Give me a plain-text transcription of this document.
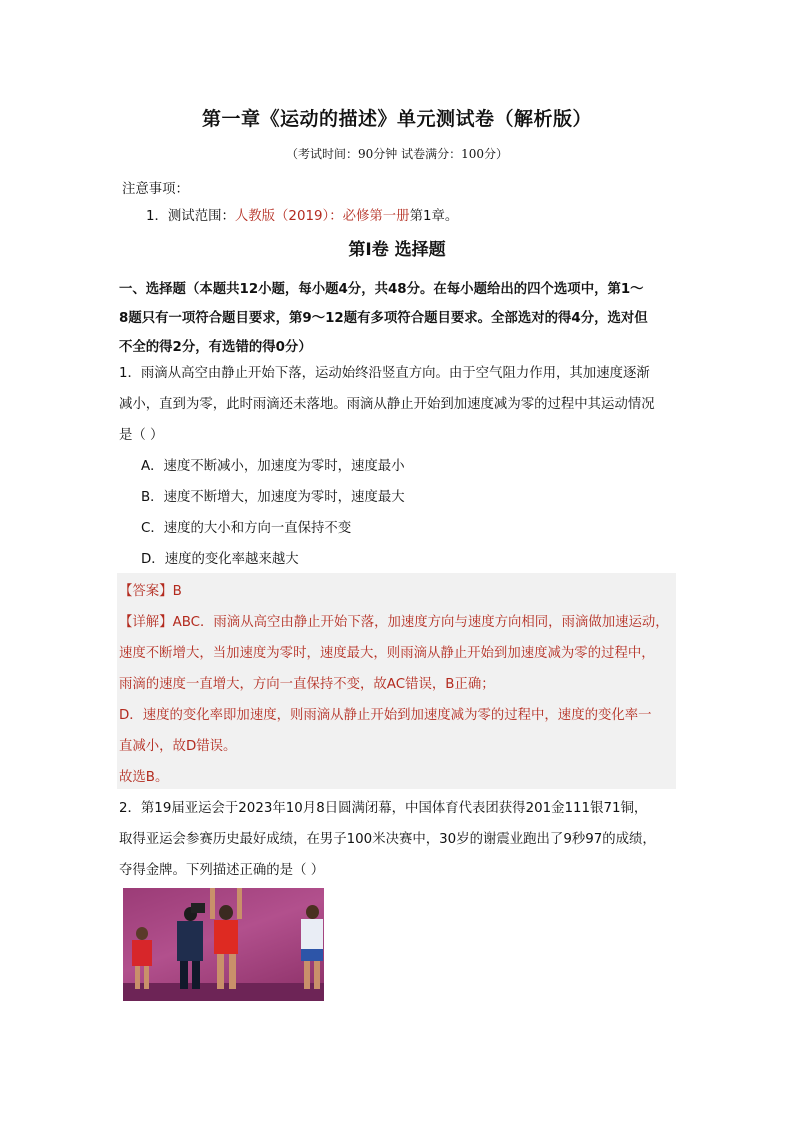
第一章《运动的描述》单元测试卷（解析版）
（考试时间：90分钟 试卷满分：100分）
注意事项：
1．测试范围：人教版（2019）：必修第一册第1章。
第Ⅰ卷 选择题
一、选择题（本题共12小题，每小题4分，共48分。在每小题给出的四个选项中，第1～
8题只有一项符合题目要求，第9～12题有多项符合题目要求。全部选对的得4分，选对但
不全的得2分，有选错的得0分）
1．雨滴从高空由静止开始下落，运动始终沿竖直方向。由于空气阻力作用，其加速度逐渐
减小，直到为零，此时雨滴还未落地。雨滴从静止开始到加速度减为零的过程中其运动情况
是（ ）
A．速度不断减小，加速度为零时，速度最小
B．速度不断增大，加速度为零时，速度最大
C．速度的大小和方向一直保持不变
D．速度的变化率越来越大
【答案】B
【详解】ABC．雨滴从高空由静止开始下落，加速度方向与速度方向相同，雨滴做加速运动，
速度不断增大，当加速度为零时，速度最大，则雨滴从静止开始到加速度减为零的过程中，
雨滴的速度一直增大，方向一直保持不变，故AC错误，B正确；
D．速度的变化率即加速度，则雨滴从静止开始到加速度减为零的过程中，速度的变化率一
直减小，故D错误。
故选B。
2．第19届亚运会于2023年10月8日圆满闭幕，中国体育代表团获得201金111银71铜，
取得亚运会参赛历史最好成绩，在男子100米决赛中，30岁的谢震业跑出了9秒97的成绩，
夺得金牌。下列描述正确的是（ ）
